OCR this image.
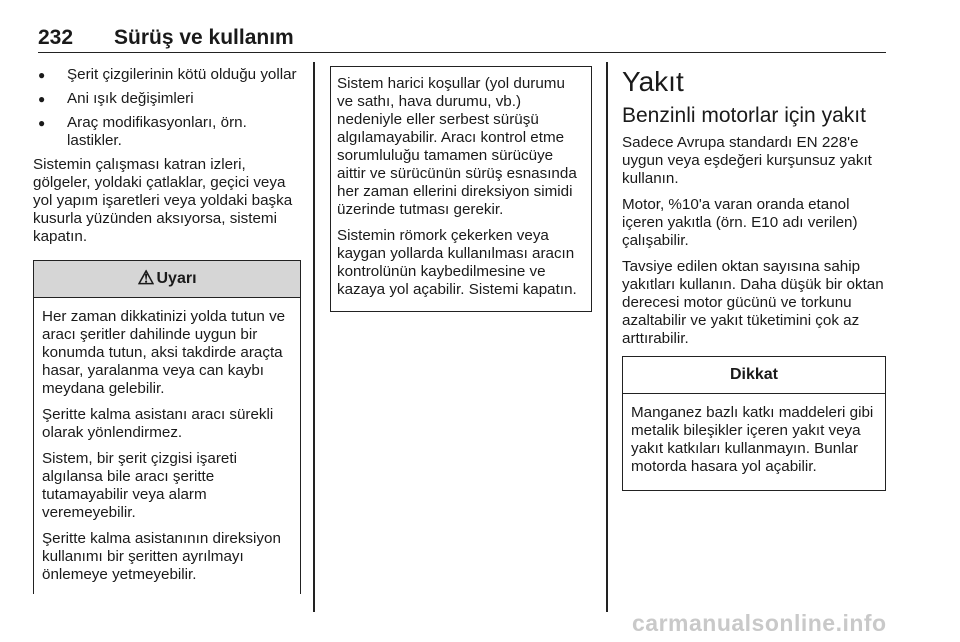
232 Sürüş ve kullanım
● Şerit çizgilerinin kötü olduğu yollar
● Ani ışık değişimleri
● Araç modifikasyonları, örn. lastikler.

Sistemin çalışması katran izleri, gölgeler, yoldaki çatlaklar, geçici veya yol yapım işaretleri veya yoldaki başka kusurla yüzünden aksıyorsa, sistemi kapatın.

⚠ Uyarı

Her zaman dikkatinizi yolda tutun ve aracı şeritler dahilinde uygun bir konumda tutun, aksi takdirde araçta hasar, yaralanma veya can kaybı meydana gelebilir.

Şeritte kalma asistanı aracı sürekli olarak yönlendirmez.

Sistem, bir şerit çizgisi işareti algılansa bile aracı şeritte tutamayabilir veya alarm veremeyebilir.

Şeritte kalma asistanının direksiyon kullanımı bir şeritten ayrılmayı önlemeye yetmeyebilir.

Sistem harici koşullar (yol durumu ve sathı, hava durumu, vb.) nedeniyle eller serbest sürüşü algılamayabilir. Aracı kontrol etme sorumluluğu tamamen sürücüye aittir ve sürücünün sürüş esnasında her zaman ellerini direksiyon simidi üzerinde tutması gerekir.

Sistemin römork çekerken veya kaygan yollarda kullanılması aracın kontrolünün kaybedilmesine ve kazaya yol açabilir. Sistemi kapatın.

Yakıt
Benzinli motorlar için yakıt

Sadece Avrupa standardı EN 228'e uygun veya eşdeğeri kurşunsuz yakıt kullanın.

Motor, %10'a varan oranda etanol içeren yakıtla (örn. E10 adı verilen) çalışabilir.

Tavsiye edilen oktan sayısına sahip yakıtları kullanın. Daha düşük bir oktan derecesi motor gücünü ve torkunu azaltabilir ve yakıt tüketimini çok az arttırabilir.

Dikkat

Manganez bazlı katkı maddeleri gibi metalik bileşikler içeren yakıt veya yakıt katkıları kullanmayın. Bunlar motorda hasara yol açabilir.

carmanualsonline.info
